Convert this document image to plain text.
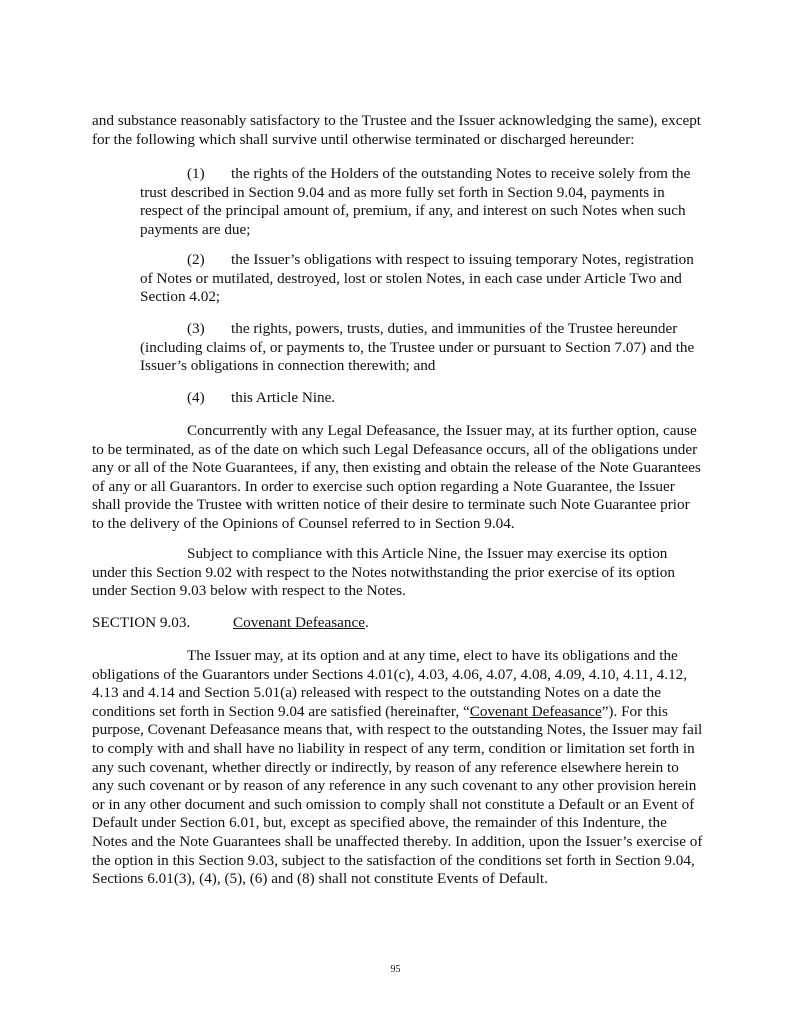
and substance reasonably satisfactory to the Trustee and the Issuer acknowledging the same), except for the following which shall survive until otherwise terminated or discharged hereunder:

(1) the rights of the Holders of the outstanding Notes to receive solely from the trust described in Section 9.04 and as more fully set forth in Section 9.04, payments in respect of the principal amount of, premium, if any, and interest on such Notes when such payments are due;

(2) the Issuer’s obligations with respect to issuing temporary Notes, registration of Notes or mutilated, destroyed, lost or stolen Notes, in each case under Article Two and Section 4.02;

(3) the rights, powers, trusts, duties, and immunities of the Trustee hereunder (including claims of, or payments to, the Trustee under or pursuant to Section 7.07) and the Issuer’s obligations in connection therewith; and

(4) this Article Nine.

Concurrently with any Legal Defeasance, the Issuer may, at its further option, cause to be terminated, as of the date on which such Legal Defeasance occurs, all of the obligations under any or all of the Note Guarantees, if any, then existing and obtain the release of the Note Guarantees of any or all Guarantors. In order to exercise such option regarding a Note Guarantee, the Issuer shall provide the Trustee with written notice of their desire to terminate such Note Guarantee prior to the delivery of the Opinions of Counsel referred to in Section 9.04.

Subject to compliance with this Article Nine, the Issuer may exercise its option under this Section 9.02 with respect to the Notes notwithstanding the prior exercise of its option under Section 9.03 below with respect to the Notes.

SECTION 9.03.	Covenant Defeasance.

The Issuer may, at its option and at any time, elect to have its obligations and the obligations of the Guarantors under Sections 4.01(c), 4.03, 4.06, 4.07, 4.08, 4.09, 4.10, 4.11, 4.12, 4.13 and 4.14 and Section 5.01(a) released with respect to the outstanding Notes on a date the conditions set forth in Section 9.04 are satisfied (hereinafter, “Covenant Defeasance”). For this purpose, Covenant Defeasance means that, with respect to the outstanding Notes, the Issuer may fail to comply with and shall have no liability in respect of any term, condition or limitation set forth in any such covenant, whether directly or indirectly, by reason of any reference elsewhere herein to any such covenant or by reason of any reference in any such covenant to any other provision herein or in any other document and such omission to comply shall not constitute a Default or an Event of Default under Section 6.01, but, except as specified above, the remainder of this Indenture, the Notes and the Note Guarantees shall be unaffected thereby. In addition, upon the Issuer’s exercise of the option in this Section 9.03, subject to the satisfaction of the conditions set forth in Section 9.04, Sections 6.01(3), (4), (5), (6) and (8) shall not constitute Events of Default.

95
